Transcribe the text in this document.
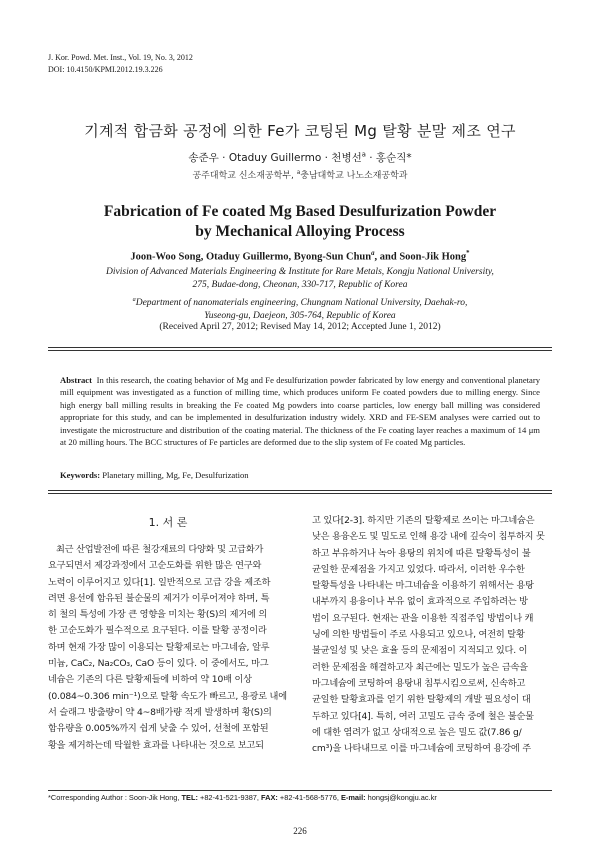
J. Kor. Powd. Met. Inst., Vol. 19, No. 3, 2012
DOI: 10.4150/KPMI.2012.19.3.226
기계적 합금화 공정에 의한 Fe가 코팅된 Mg 탈황 분말 제조 연구
송준우 · Otaduy Guillermo · 천병선$^a$ · 홍순직*
공주대학교 신소재공학부, $^a$충남대학교 나노소재공학과
Fabrication of Fe coated Mg Based Desulfurization Powder
by Mechanical Alloying Process
Joon-Woo Song, Otaduy Guillermo, Byong-Sun Chun$^a$, and Soon-Jik Hong*
Division of Advanced Materials Engineering & Institute for Rare Metals, Kongju National University,
275, Budae-dong, Cheonan, 330-717, Republic of Korea
$^a$Department of nanomaterials engineering, Chungnam National University, Daehak-ro,
Yuseong-gu, Daejeon, 305-764, Republic of Korea
(Received April 27, 2012; Revised May 14, 2012; Accepted June 1, 2012)
Abstract In this research, the coating behavior of Mg and Fe desulfurization powder fabricated by low energy and conventional planetary mill equipment was investigated as a function of milling time, which produces uniform Fe coated powders due to milling energy. Since high energy ball milling results in breaking the Fe coated Mg powders into coarse particles, low energy ball milling was considered appropriate for this study, and can be implemented in desulfurization industry widely. XRD and FE-SEM analyses were carried out to investigate the microstructure and distribution of the coating material. The thickness of the Fe coating layer reaches a maximum of 14 μm at 20 milling hours. The BCC structures of Fe particles are deformed due to the slip system of Fe coated Mg particles.
Keywords: Planetary milling, Mg, Fe, Desulfurization
1. 서 론
최근 산업발전에 따른 철강재료의 다양화 및 고급화가
요구되면서 제강과정에서 고순도화를 위한 많은 연구와
노력이 이루어지고 있다[1]. 일반적으로 고급 강을 제조하
려면 용선에 함유된 불순물의 제거가 이루어져야 하며, 특
히 철의 특성에 가장 큰 영향을 미치는 황(S)의 제거에 의
한 고순도화가 필수적으로 요구된다. 이를 탈황 공정이라
하며 현재 가장 많이 이용되는 탈황제로는 마그네슘, 알루
미늄, CaC₂, Na₂CO₃, CaO 등이 있다. 이 중에서도, 마그
네슘은 기존의 다른 탈황제들에 비하여 약 10배 이상
(0.084~0.306 min⁻¹)으로 탈황 속도가 빠르고, 용광로 내에
서 슬래그 방출량이 약 4~8배가량 적게 발생하며 황(S)의
함유량을 0.005%까지 쉽게 낮출 수 있어, 선철에 포함된
황을 제거하는데 탁월한 효과를 나타내는 것으로 보고되
고 있다[2-3]. 하지만 기존의 탈황제로 쓰이는 마그네슘은
낮은 용융온도 및 밀도로 인해 용강 내에 깊숙이 침투하지 못
하고 부유하거나 녹아 용탕의 위치에 따른 탈황특성이 불
균일한 문제점을 가지고 있었다. 따라서, 이러한 우수한
탈황특성을 나타내는 마그네슘을 이용하기 위해서는 용탕
내부까지 용융이나 부유 없이 효과적으로 주입하려는 방
법이 요구된다. 현재는 관을 이용한 직접주입 방법이나 캐
닝에 의한 방법들이 주로 사용되고 있으나, 여전히 탈황
불균일성 및 낮은 효율 등의 문제점이 지적되고 있다. 이
러한 문제점을 해결하고자 최근에는 밀도가 높은 금속을
마그네슘에 코팅하여 용탕내 침투시킴으로써, 신속하고
균일한 탈황효과를 얻기 위한 탈황제의 개발 필요성이 대
두하고 있다[4]. 특히, 여러 고밀도 금속 중에 철은 불순물
에 대한 염려가 없고 상대적으로 높은 밀도 값(7.86 g/
cm³)을 나타내므로 이를 마그네슘에 코팅하여 용강에 주
*Corresponding Author : Soon-Jik Hong, TEL: +82-41-521-9387, FAX: +82-41-568-5776, E-mail: hongsj@kongju.ac.kr
226
